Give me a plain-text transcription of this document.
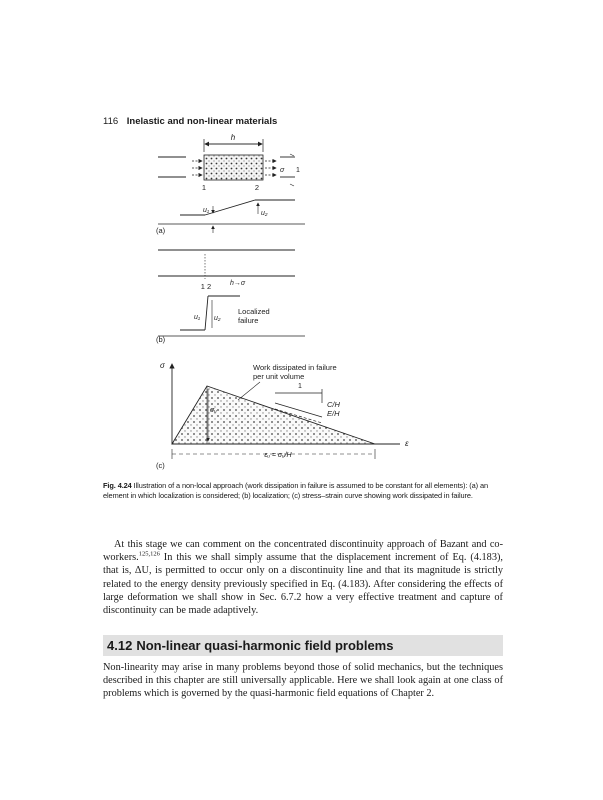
116 Inelastic and non-linear materials
h
σ 1
1	2
u₁	u₂
(a)
1 2	h→σ
u₁ u₂
Localized
failure
(b)
σ
σᵤ
Work dissipated in failure
per unit volume
1
C/H
E/H
εᵤ = σᵤ/H
ε
(c)
Fig. 4.24 Illustration of a non-local approach (work dissipation in failure is assumed to be constant for all elements): (a) an element in which localization is considered; (b) localization; (c) stress–strain curve showing work dissipated in failure.
At this stage we can comment on the concentrated discontinuity approach of Bazant and co-workers.$^{125,126}$ In this we shall simply assume that the displacement increment of Eq. (4.183), that is, ΔU, is permitted to occur only on a discontinuity line and that its magnitude is strictly related to the energy density previously specified in Eq. (4.183). After considering the effects of large deformation we shall show in Sec. 6.7.2 how a very effective treatment and capture of discontinuity can be made adaptively.
4.12 Non-linear quasi-harmonic field problems
Non-linearity may arise in many problems beyond those of solid mechanics, but the techniques described in this chapter are still universally applicable. Here we shall look again at one class of problems which is governed by the quasi-harmonic field equations of Chapter 2.
